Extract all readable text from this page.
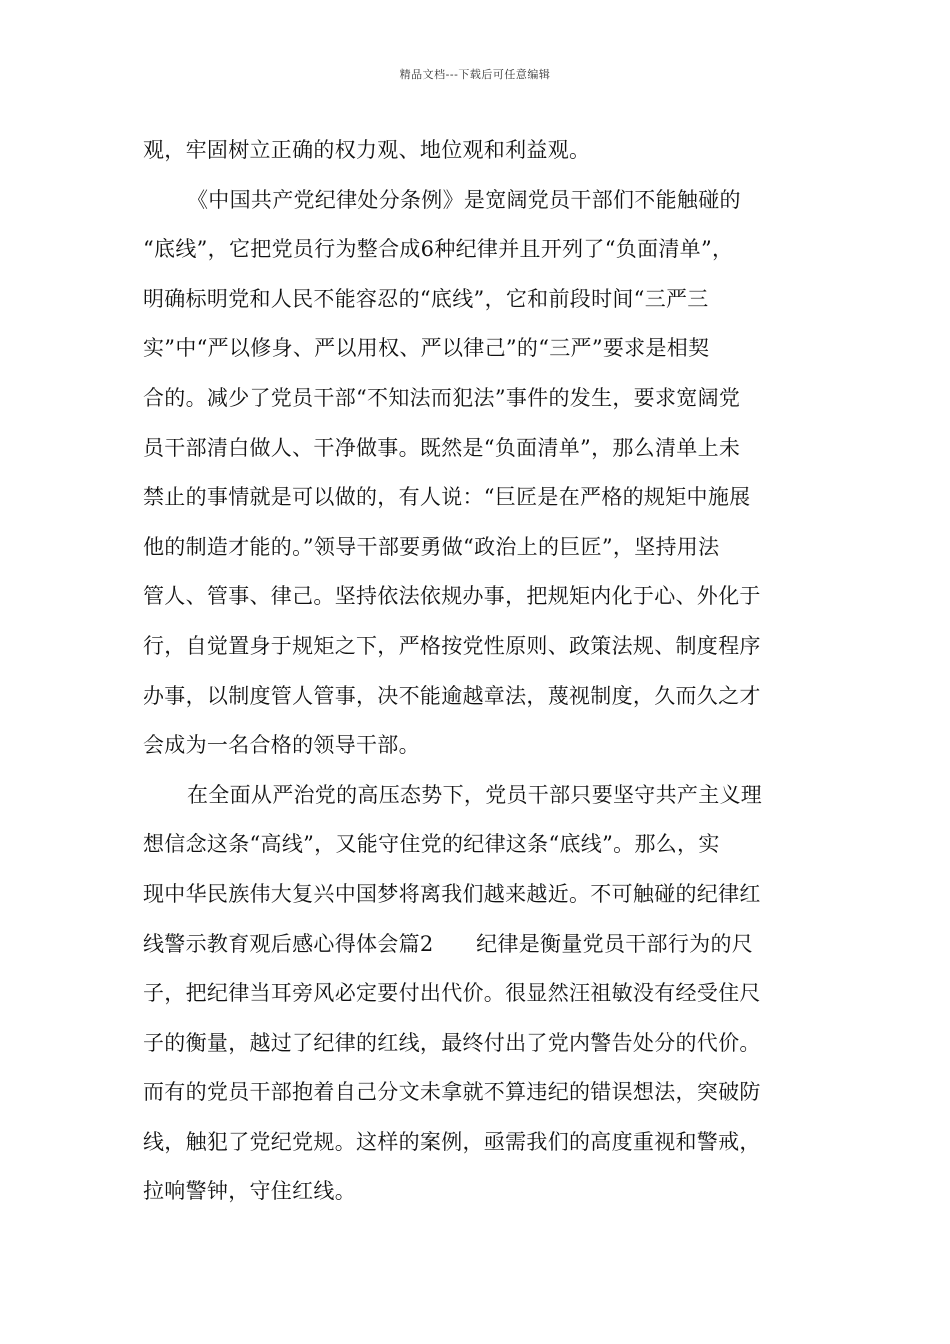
精品文档---下载后可任意编辑
观，牢固树立正确的权力观、地位观和利益观。
《中国共产党纪律处分条例》是宽阔党员干部们不能触碰的
“底线”，它把党员行为整合成6种纪律并且开列了“负面清单”，
明确标明党和人民不能容忍的“底线”，它和前段时间“三严三
实”中“严以修身、严以用权、严以律己”的“三严”要求是相契
合的。减少了党员干部“不知法而犯法”事件的发生，要求宽阔党
员干部清白做人、干净做事。既然是“负面清单”，那么清单上未
禁止的事情就是可以做的，有人说：“巨匠是在严格的规矩中施展
他的制造才能的。”领导干部要勇做“政治上的巨匠”，坚持用法
管人、管事、律己。坚持依法依规办事，把规矩内化于心、外化于
行，自觉置身于规矩之下，严格按党性原则、政策法规、制度程序
办事，以制度管人管事，决不能逾越章法，蔑视制度，久而久之才
会成为一名合格的领导干部。
在全面从严治党的高压态势下，党员干部只要坚守共产主义理
想信念这条“高线”，又能守住党的纪律这条“底线”。那么，实
现中华民族伟大复兴中国梦将离我们越来越近。不可触碰的纪律红
线警示教育观后感心得体会篇2　　纪律是衡量党员干部行为的尺
子，把纪律当耳旁风必定要付出代价。很显然汪祖敏没有经受住尺
子的衡量，越过了纪律的红线，最终付出了党内警告处分的代价。
而有的党员干部抱着自己分文未拿就不算违纪的错误想法，突破防
线，触犯了党纪党规。这样的案例，亟需我们的高度重视和警戒，
拉响警钟，守住红线。
